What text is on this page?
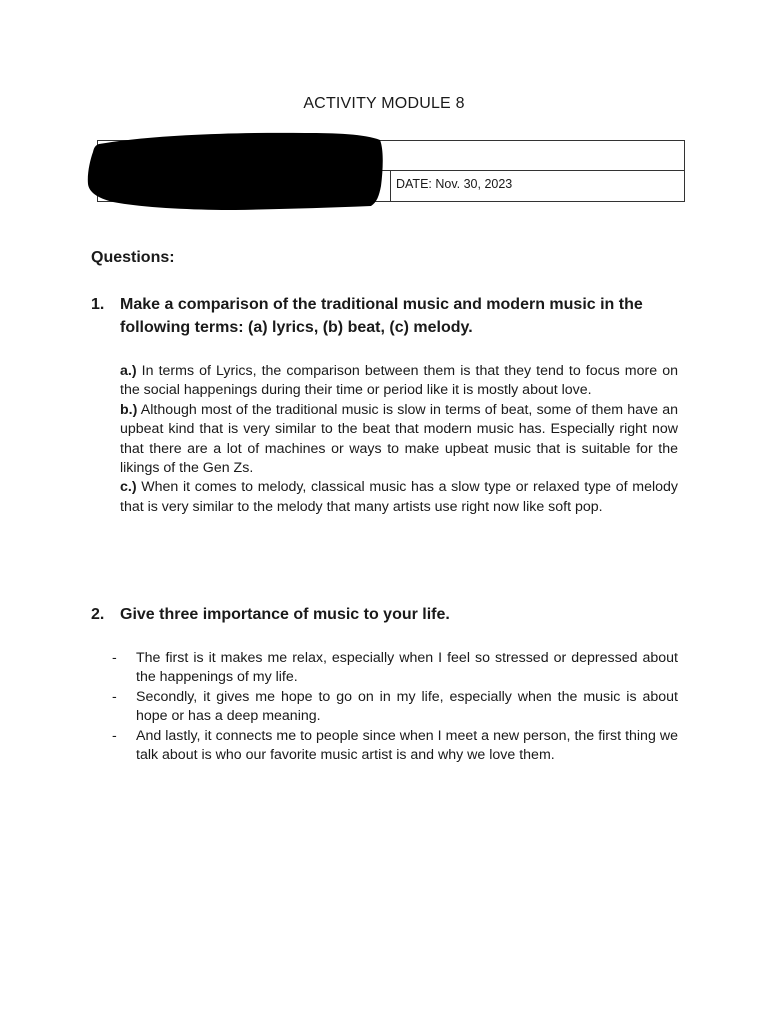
ACTIVITY MODULE 8
DATE: Nov. 30, 2023
Questions:
1. Make a comparison of the traditional music and modern music in the following terms: (a) lyrics, (b) beat, (c) melody.

a.) In terms of Lyrics, the comparison between them is that they tend to focus more on the social happenings during their time or period like it is mostly about love.

b.) Although most of the traditional music is slow in terms of beat, some of them have an upbeat kind that is very similar to the beat that modern music has. Especially right now that there are a lot of machines or ways to make upbeat music that is suitable for the likings of the Gen Zs.

c.) When it comes to melody, classical music has a slow type or relaxed type of melody that is very similar to the melody that many artists use right now like soft pop.

2. Give three importance of music to your life.
- The first is it makes me relax, especially when I feel so stressed or depressed about the happenings of my life.
- Secondly, it gives me hope to go on in my life, especially when the music is about hope or has a deep meaning.
- And lastly, it connects me to people since when I meet a new person, the first thing we talk about is who our favorite music artist is and why we love them.
